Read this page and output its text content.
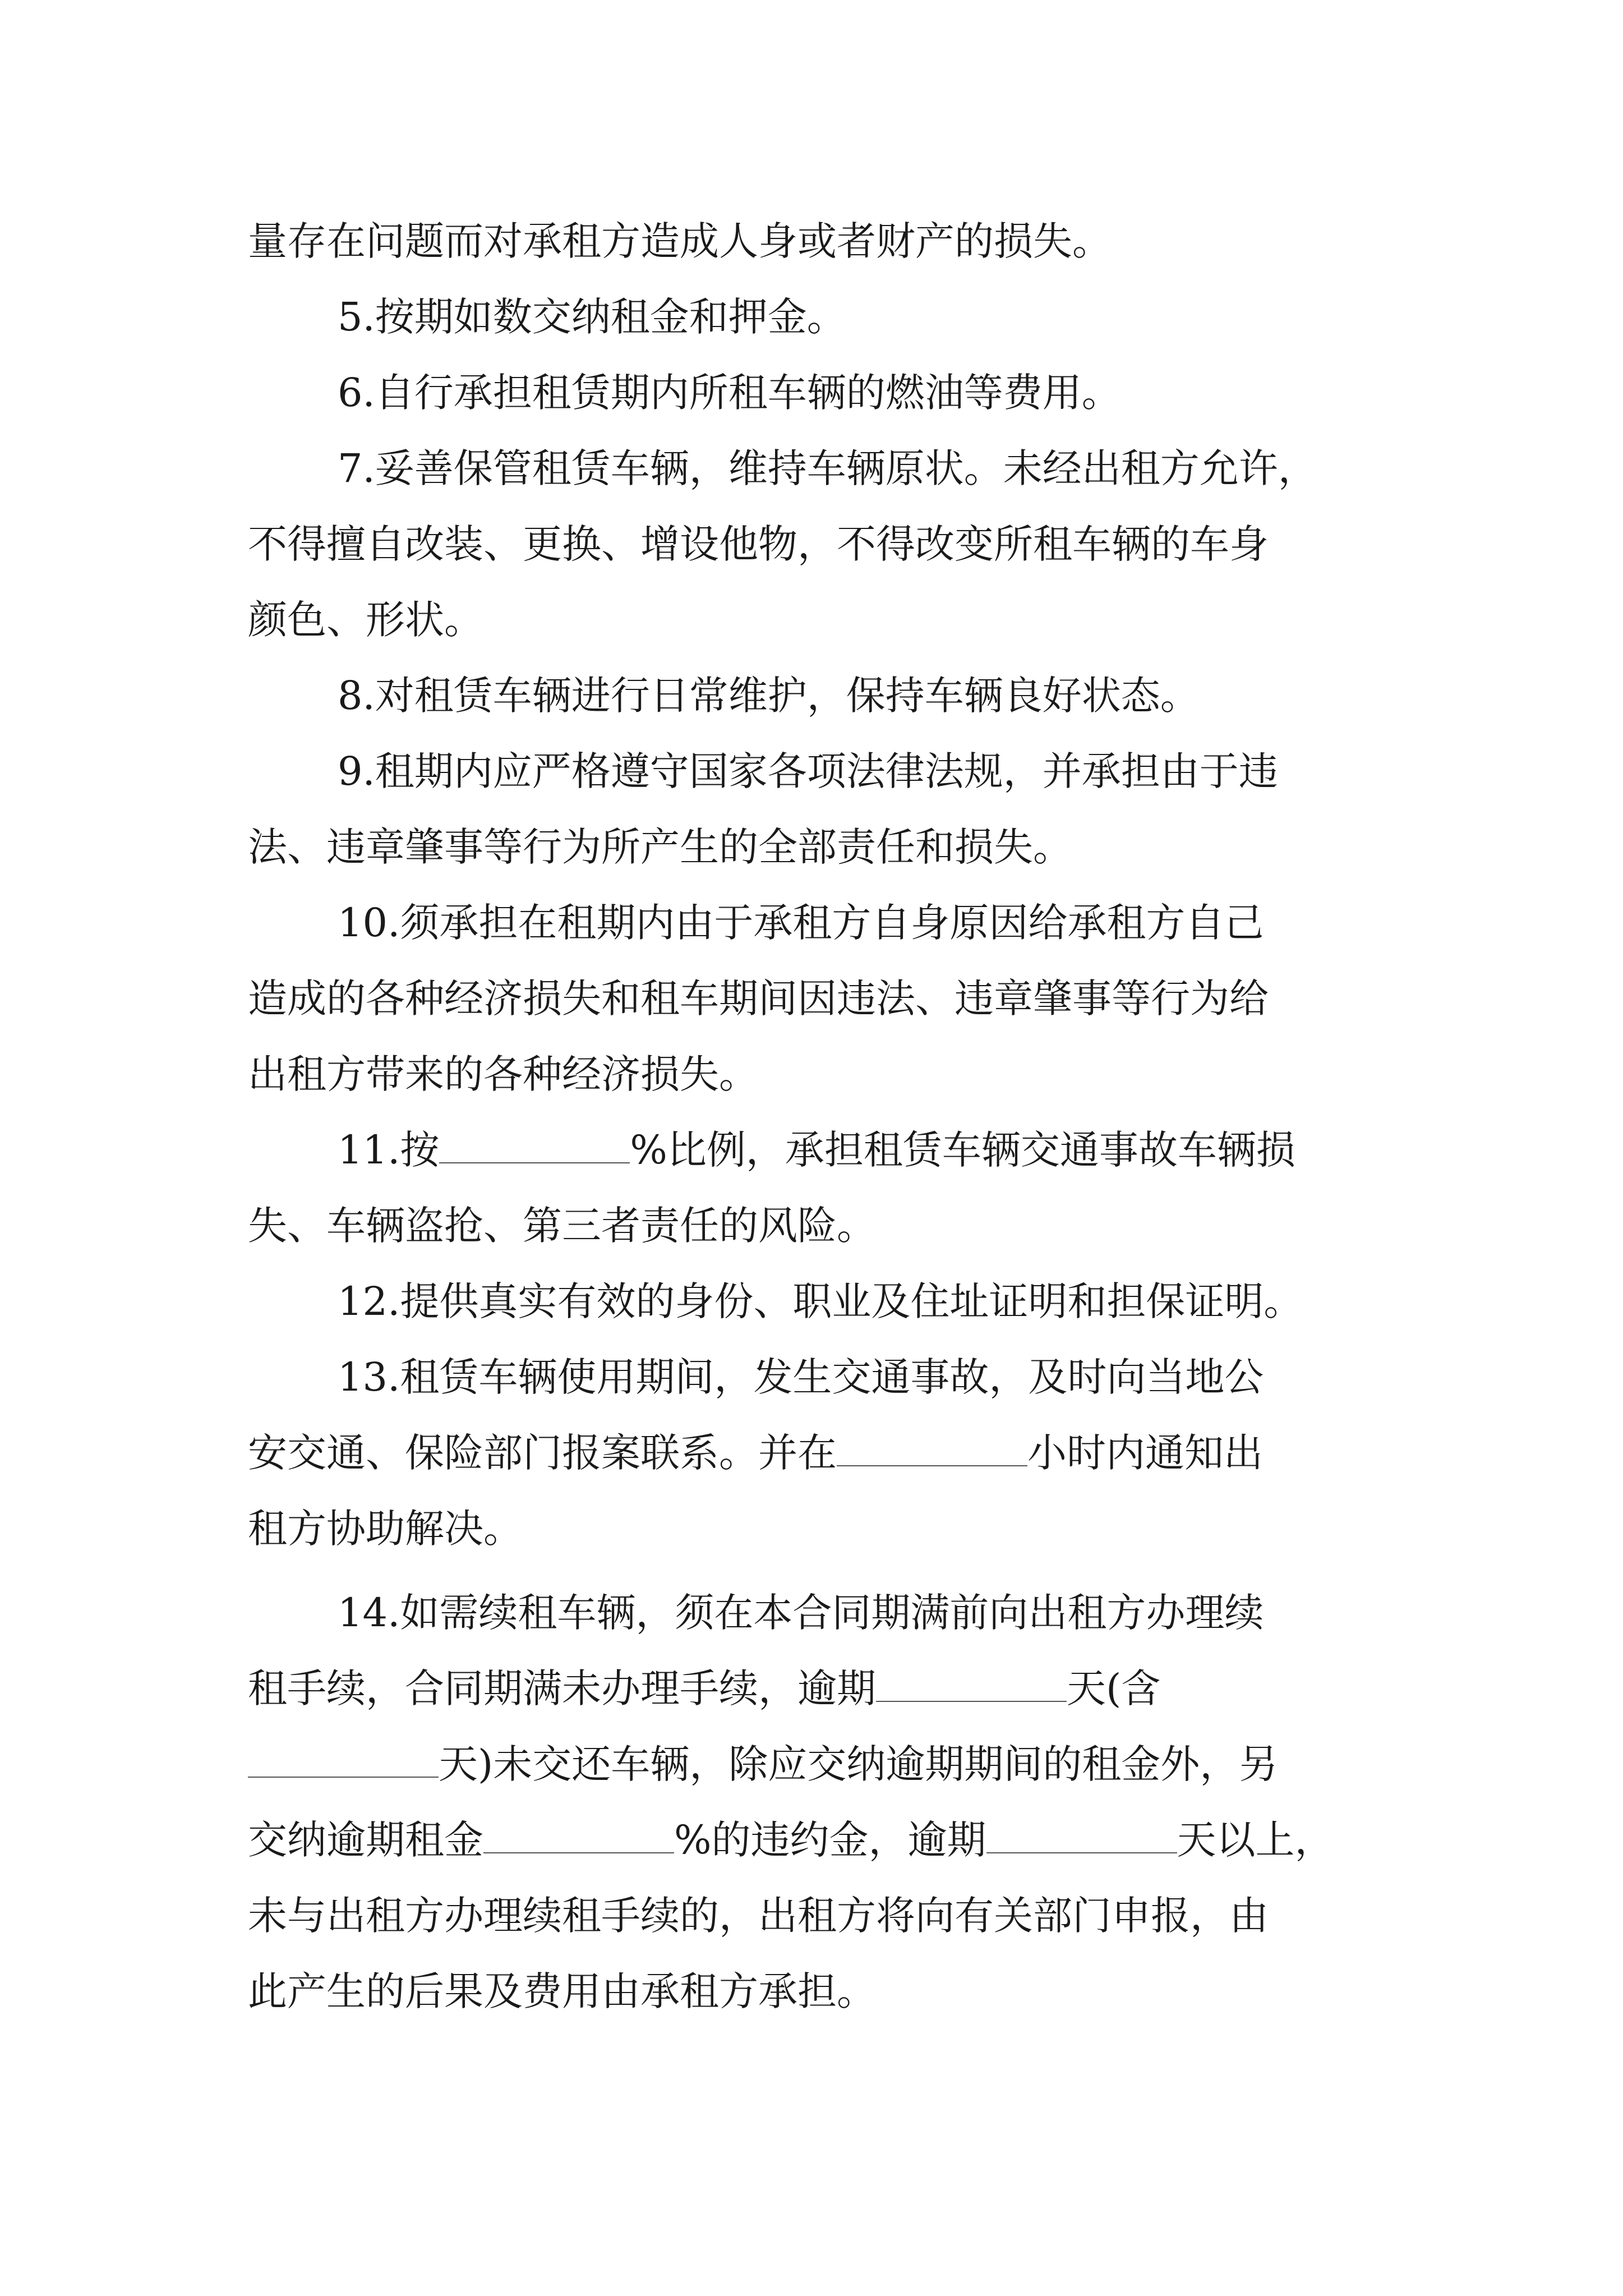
量存在问题而对承租方造成人身或者财产的损失。
5.按期如数交纳租金和押金。
6.自行承担租赁期内所租车辆的燃油等费用。
7.妥善保管租赁车辆，维持车辆原状。未经出租方允许，
不得擅自改装、更换、增设他物，不得改变所租车辆的车身
颜色、形状。
8.对租赁车辆进行日常维护，保持车辆良好状态。
9.租期内应严格遵守国家各项法律法规，并承担由于违
法、违章肇事等行为所产生的全部责任和损失。
10.须承担在租期内由于承租方自身原因给承租方自己
造成的各种经济损失和租车期间因违法、违章肇事等行为给
出租方带来的各种经济损失。
11.按	%比例，承担租赁车辆交通事故车辆损
失、车辆盗抢、第三者责任的风险。
12.提供真实有效的身份、职业及住址证明和担保证明。
13.租赁车辆使用期间，发生交通事故，及时向当地公
安交通、保险部门报案联系。并在	小时内通知出
租方协助解决。
14.如需续租车辆，须在本合同期满前向出租方办理续
租手续，合同期满未办理手续，逾期	天(含
天)未交还车辆，除应交纳逾期期间的租金外，另
交纳逾期租金	%的违约金，逾期	天以上，
未与出租方办理续租手续的，出租方将向有关部门申报，由
此产生的后果及费用由承租方承担。
